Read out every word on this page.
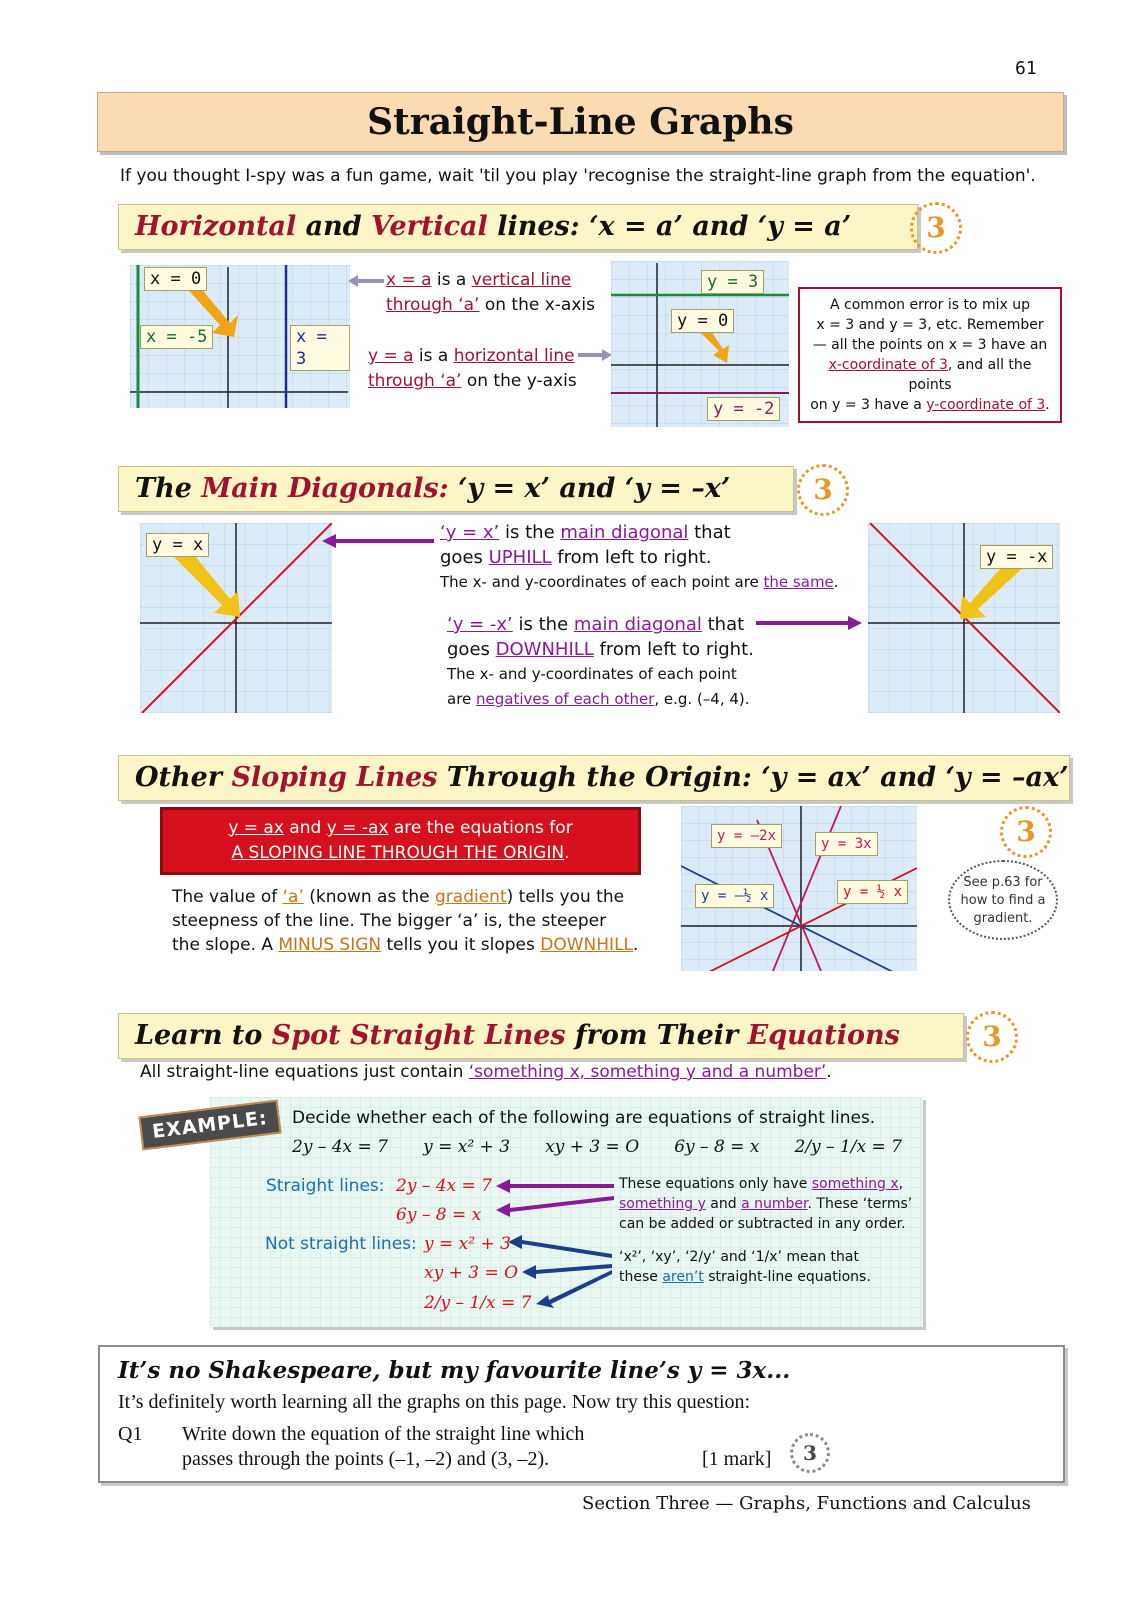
61
Straight-Line Graphs
If you thought I-spy was a fun game, wait 'til you play 'recognise the straight-line graph from the equation'.
Horizontal and Vertical lines: ‘x = a’ and ‘y = a’	3
x = 0
x = -5	x = 3
x = a is a vertical line
through ‘a’ on the x-axis
y = a is a horizontal line
through ‘a’ on the y-axis
y = 3
y = 0
y = -2
A common error is to mix up
x = 3 and y = 3, etc. Remember
— all the points on x = 3 have an
x-coordinate of 3, and all the points
on y = 3 have a y-coordinate of 3.
The Main Diagonals: ‘y = x’ and ‘y = –x’	3
y = x
‘y = x’ is the main diagonal that
goes UPHILL from left to right.
The x- and y-coordinates of each point are the same.
‘y = -x’ is the main diagonal that
goes DOWNHILL from left to right.
The x- and y-coordinates of each point
are negatives of each other, e.g. (–4, 4).
y = -x
Other Sloping Lines Through the Origin: ‘y = ax’ and ‘y = –ax’
y = ax and y = -ax are the equations for
A SLOPING LINE THROUGH THE ORIGIN.
The value of ‘a’ (known as the gradient) tells you the
steepness of the line. The bigger ‘a’ is, the steeper
the slope. A MINUS SIGN tells you it slopes DOWNHILL.
y = –2x	y = 3x
y = –½ x	y = ½ x
3
See p.63 for
how to find a
gradient.
Learn to Spot Straight Lines from Their Equations	3
All straight-line equations just contain ‘something x, something y and a number’.
EXAMPLE:	Decide whether each of the following are equations of straight lines.
2y – 4x = 7 y = x² + 3 xy + 3 = O 6y – 8 = x 2/y – 1/x = 7
Straight lines: 2y – 4x = 7
6y – 8 = x
These equations only have something x,
something y and a number. These ‘terms’
can be added or subtracted in any order.
Not straight lines: y = x² + 3
xy + 3 = O
2/y – 1/x = 7
‘x²’, ‘xy’, ‘2/y’ and ‘1/x’ mean that
these aren’t straight-line equations.
It’s no Shakespeare, but my favourite line’s y = 3x...
It’s definitely worth learning all the graphs on this page. Now try this question:
Q1 Write down the equation of the straight line which
passes through the points (–1, –2) and (3, –2).	[1 mark]	3
Section Three — Graphs, Functions and Calculus
